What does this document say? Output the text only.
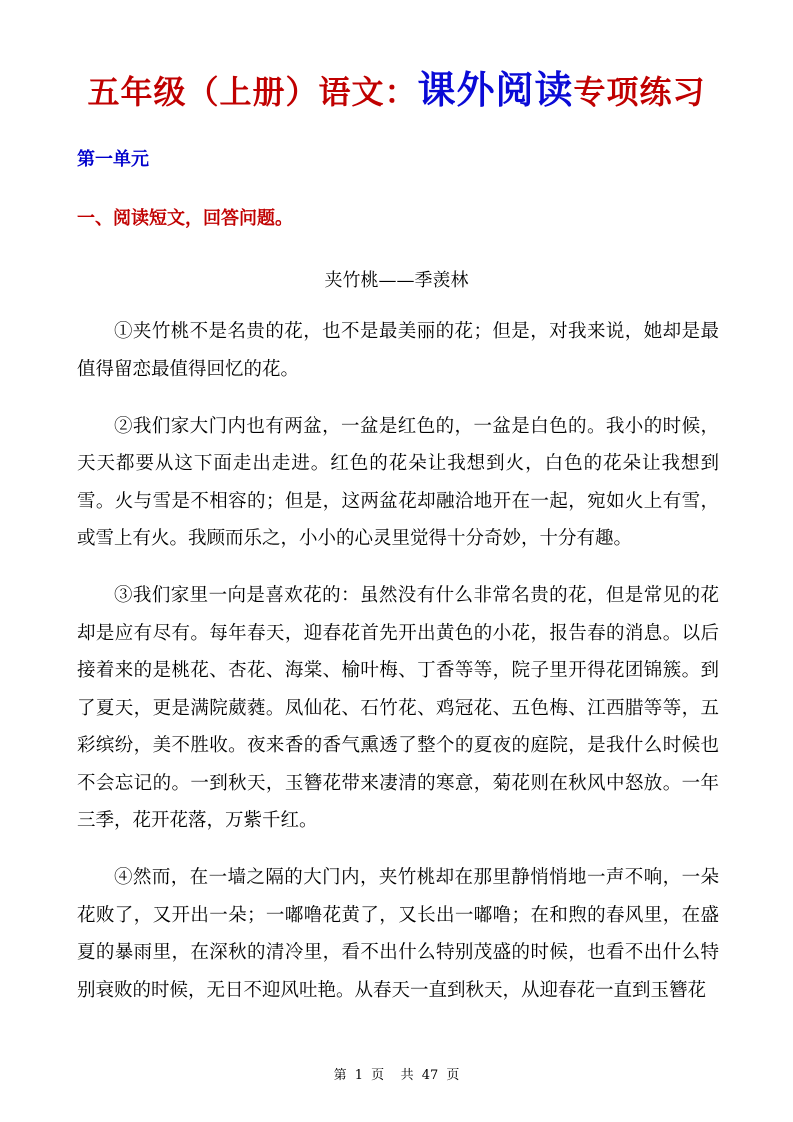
五年级（上册）语文：课外阅读专项练习
第一单元
一、阅读短文，回答问题。
夹竹桃——季羡林

①夹竹桃不是名贵的花，也不是最美丽的花；但是，对我来说，她却是最值得留恋最值得回忆的花。

②我们家大门内也有两盆，一盆是红色的，一盆是白色的。我小的时候，天天都要从这下面走出走进。红色的花朵让我想到火，白色的花朵让我想到雪。火与雪是不相容的；但是，这两盆花却融洽地开在一起，宛如火上有雪，或雪上有火。我顾而乐之，小小的心灵里觉得十分奇妙，十分有趣。

③我们家里一向是喜欢花的：虽然没有什么非常名贵的花，但是常见的花却是应有尽有。每年春天，迎春花首先开出黄色的小花，报告春的消息。以后接着来的是桃花、杏花、海棠、榆叶梅、丁香等等，院子里开得花团锦簇。到了夏天，更是满院葳蕤。凤仙花、石竹花、鸡冠花、五色梅、江西腊等等，五彩缤纷，美不胜收。夜来香的香气熏透了整个的夏夜的庭院，是我什么时候也不会忘记的。一到秋天，玉簪花带来凄清的寒意，菊花则在秋风中怒放。一年三季，花开花落，万紫千红。

④然而，在一墙之隔的大门内，夹竹桃却在那里静悄悄地一声不响，一朵花败了，又开出一朵；一嘟噜花黄了，又长出一嘟噜；在和煦的春风里，在盛夏的暴雨里，在深秋的清冷里，看不出什么特别茂盛的时候，也看不出什么特别衰败的时候，无日不迎风吐艳。从春天一直到秋天，从迎春花一直到玉簪花

第 1 页 共 47 页
